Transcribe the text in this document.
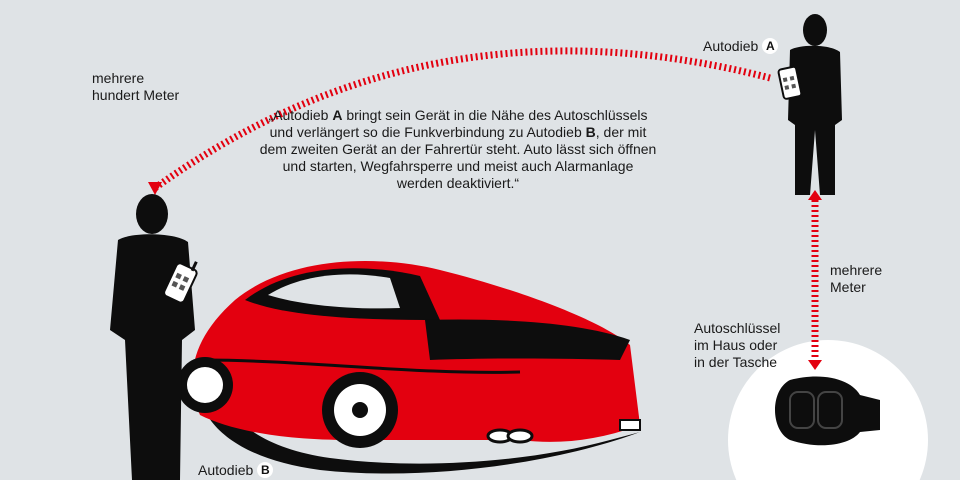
mehrere
hundert Meter
Autodieb A
mehrere
Meter
Autoschlüssel
im Haus oder
in der Tasche
Autodieb B
„Autodieb A bringt sein Gerät in die Nähe des Autoschlüssels und verlängert so die Funkverbindung zu Autodieb B, der mit dem zweiten Gerät an der Fahrertür steht. Auto lässt sich öffnen und starten, Wegfahrsperre und meist auch Alarmanlage werden deaktiviert.“
